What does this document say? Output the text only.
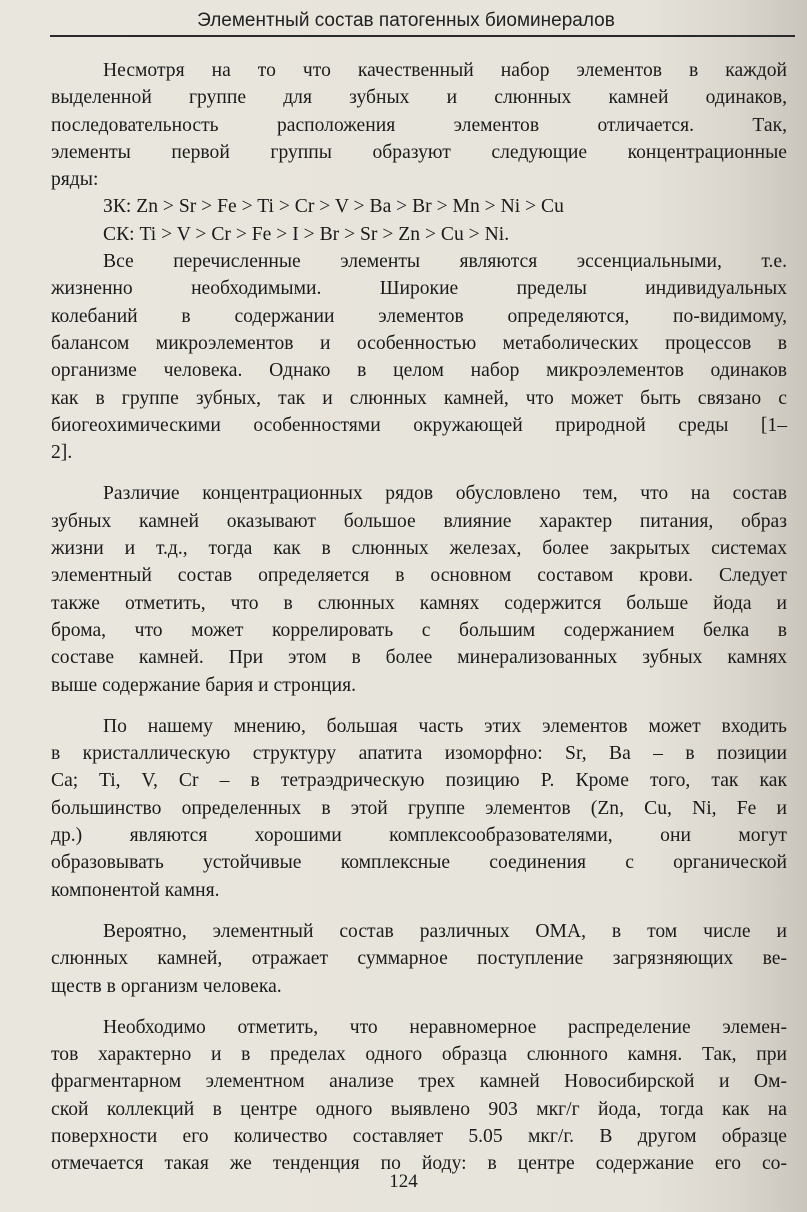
Элементный состав патогенных биоминералов
Несмотря на то что качественный набор элементов в каждой
выделенной группе для зубных и слюнных камней одинаков,
последовательность расположения элементов отличается. Так,
элементы первой группы образуют следующие концентрационные
ряды:
ЗК: Zn > Sr > Fe > Ti > Cr > V > Ba > Br > Mn > Ni > Cu
СК: Ti > V > Cr > Fe > I > Br > Sr > Zn > Cu > Ni.
Все перечисленные элементы являются эссенциальными, т.е.
жизненно необходимыми. Широкие пределы индивидуальных
колебаний в содержании элементов определяются, по-видимому,
балансом микроэлементов и особенностью метаболических процессов в
организме человека. Однако в целом набор микроэлементов одинаков
как в группе зубных, так и слюнных камней, что может быть связано с
биогеохимическими особенностями окружающей природной среды [1–
2].
Различие концентрационных рядов обусловлено тем, что на состав
зубных камней оказывают большое влияние характер питания, образ
жизни и т.д., тогда как в слюнных железах, более закрытых системах
элементный состав определяется в основном составом крови. Следует
также отметить, что в слюнных камнях содержится больше йода и
брома, что может коррелировать с большим содержанием белка в
составе камней. При этом в более минерализованных зубных камнях
выше содержание бария и стронция.
По нашему мнению, большая часть этих элементов может входить
в кристаллическую структуру апатита изоморфно: Sr, Ba – в позиции
Ca; Ti, V, Cr – в тетраэдрическую позицию P. Кроме того, так как
большинство определенных в этой группе элементов (Zn, Cu, Ni, Fe и
др.) являются хорошими комплексообразователями, они могут
образовывать устойчивые комплексные соединения с органической
компонентой камня.
Вероятно, элементный состав различных ОМА, в том числе и
слюнных камней, отражает суммарное поступление загрязняющих ве-
ществ в организм человека.
Необходимо отметить, что неравномерное распределение элемен-
тов характерно и в пределах одного образца слюнного камня. Так, при
фрагментарном элементном анализе трех камней Новосибирской и Ом-
ской коллекций в центре одного выявлено 903 мкг/г йода, тогда как на
поверхности его количество составляет 5.05 мкг/г. В другом образце
отмечается такая же тенденция по йоду: в центре содержание его со-
124
